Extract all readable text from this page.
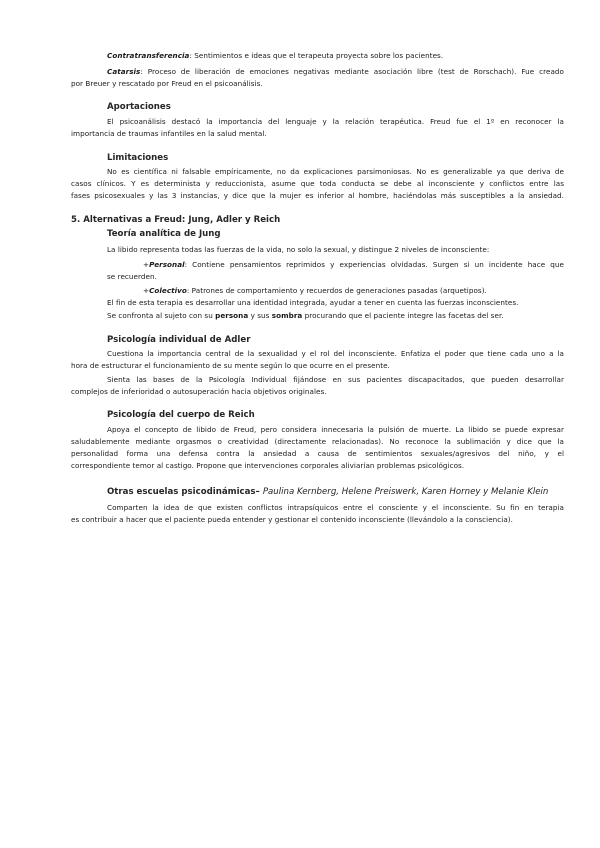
Contratransferencia: Sentimientos e ideas que el terapeuta proyecta sobre los pacientes.
Catarsis: Proceso de liberación de emociones negativas mediante asociación libre (test de Rorschach). Fue creado
por Breuer y rescatado por Freud en el psicoanálisis.
Aportaciones
El psicoanálisis destacó la importancia del lenguaje y la relación terapéutica. Freud fue el 1º en reconocer la
importancia de traumas infantiles en la salud mental.
Limitaciones
No es científica ni falsable empíricamente, no da explicaciones parsimoniosas. No es generalizable ya que deriva de
casos clínicos. Y es determinista y reduccionista, asume que toda conducta se debe al inconsciente y conflictos entre las
fases psicosexuales y las 3 instancias, y dice que la mujer es inferior al hombre, haciéndolas más susceptibles a la ansiedad.
5. Alternativas a Freud: Jung, Adler y Reich
Teoría analítica de Jung
La libido representa todas las fuerzas de la vida, no solo la sexual, y distingue 2 niveles de inconsciente:
+Personal: Contiene pensamientos reprimidos y experiencias olvidadas. Surgen si un incidente hace que
se recuerden.
+Colectivo: Patrones de comportamiento y recuerdos de generaciones pasadas (arquetipos).
El fin de esta terapia es desarrollar una identidad integrada, ayudar a tener en cuenta las fuerzas inconscientes.
Se confronta al sujeto con su persona y sus sombra procurando que el paciente integre las facetas del ser.
Psicología individual de Adler
Cuestiona la importancia central de la sexualidad y el rol del inconsciente. Enfatiza el poder que tiene cada uno a la
hora de estructurar el funcionamiento de su mente según lo que ocurre en el presente.
Sienta las bases de la Psicología Individual fijándose en sus pacientes discapacitados, que pueden desarrollar
complejos de inferioridad o autosuperación hacia objetivos originales.
Psicología del cuerpo de Reich
Apoya el concepto de libido de Freud, pero considera innecesaria la pulsión de muerte. La libido se puede expresar
saludablemente mediante orgasmos o creatividad (directamente relacionadas). No reconoce la sublimación y dice que la
personalidad forma una defensa contra la ansiedad a causa de sentimientos sexuales/agresivos del niño, y el
correspondiente temor al castigo. Propone que intervenciones corporales aliviarían problemas psicológicos.
Otras escuelas psicodinámicas– Paulina Kernberg, Helene Preiswerk, Karen Horney y Melanie Klein
Comparten la idea de que existen conflictos intrapsíquicos entre el consciente y el inconsciente. Su fin en terapia
es contribuir a hacer que el paciente pueda entender y gestionar el contenido inconsciente (llevándolo a la consciencia).
